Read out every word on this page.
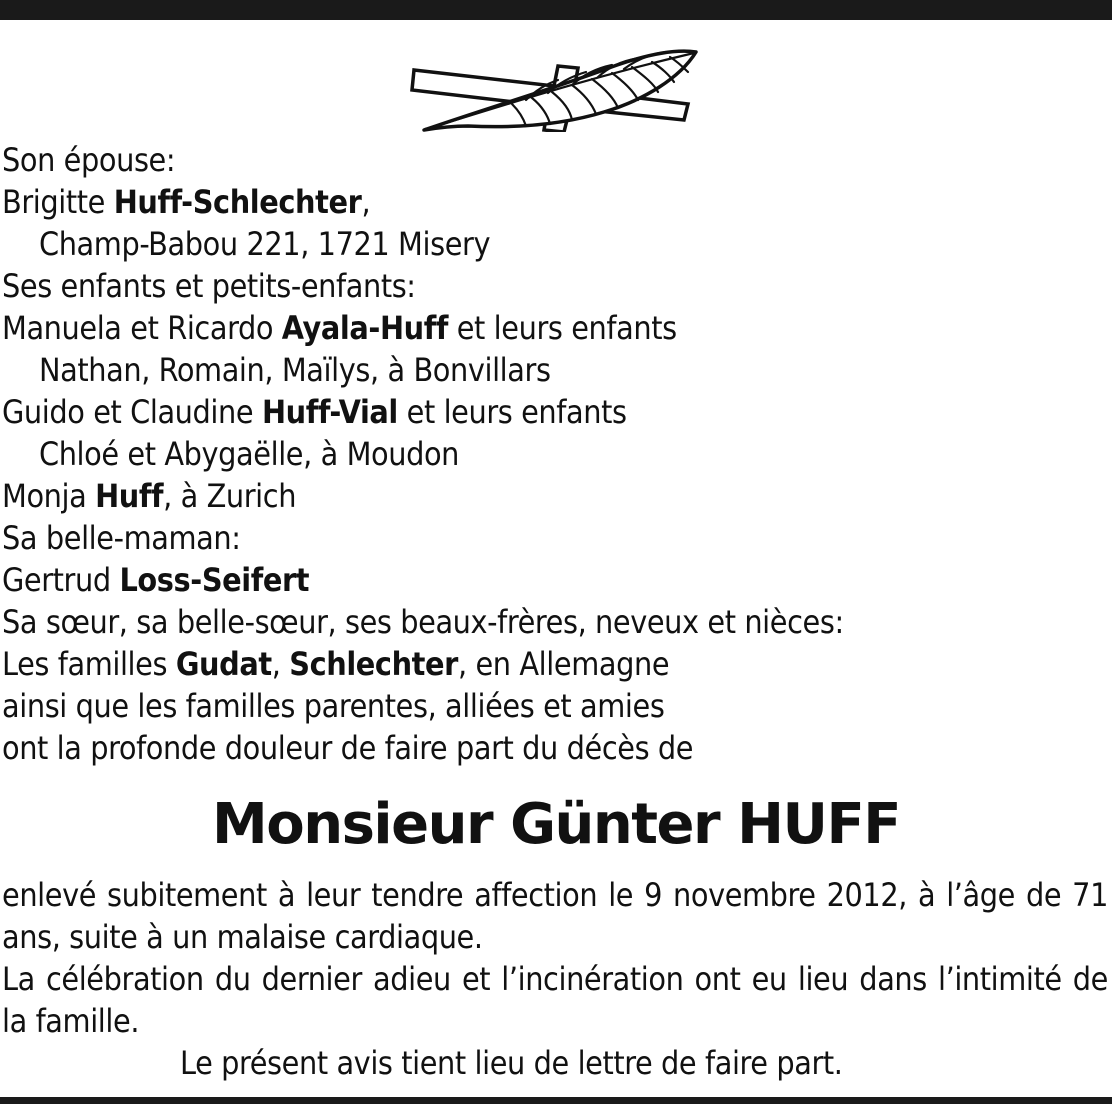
Son épouse:
Brigitte Huff-Schlechter,
Champ-Babou 221, 1721 Misery
Ses enfants et petits-enfants:
Manuela et Ricardo Ayala-Huff et leurs enfants
Nathan, Romain, Maïlys, à Bonvillars
Guido et Claudine Huff-Vial et leurs enfants
Chloé et Abygaëlle, à Moudon
Monja Huff, à Zurich
Sa belle-maman:
Gertrud Loss-Seifert
Sa sœur, sa belle-sœur, ses beaux-frères, neveux et nièces:
Les familles Gudat, Schlechter, en Allemagne
ainsi que les familles parentes, alliées et amies
ont la profonde douleur de faire part du décès de
Monsieur Günter HUFF

enlevé subitement à leur tendre affection le 9 novembre 2012, à l’âge de 71 ans, suite à un malaise cardiaque.

La célébration du dernier adieu et l’incinération ont eu lieu dans l’intimité de la famille.

Le présent avis tient lieu de lettre de faire part.
